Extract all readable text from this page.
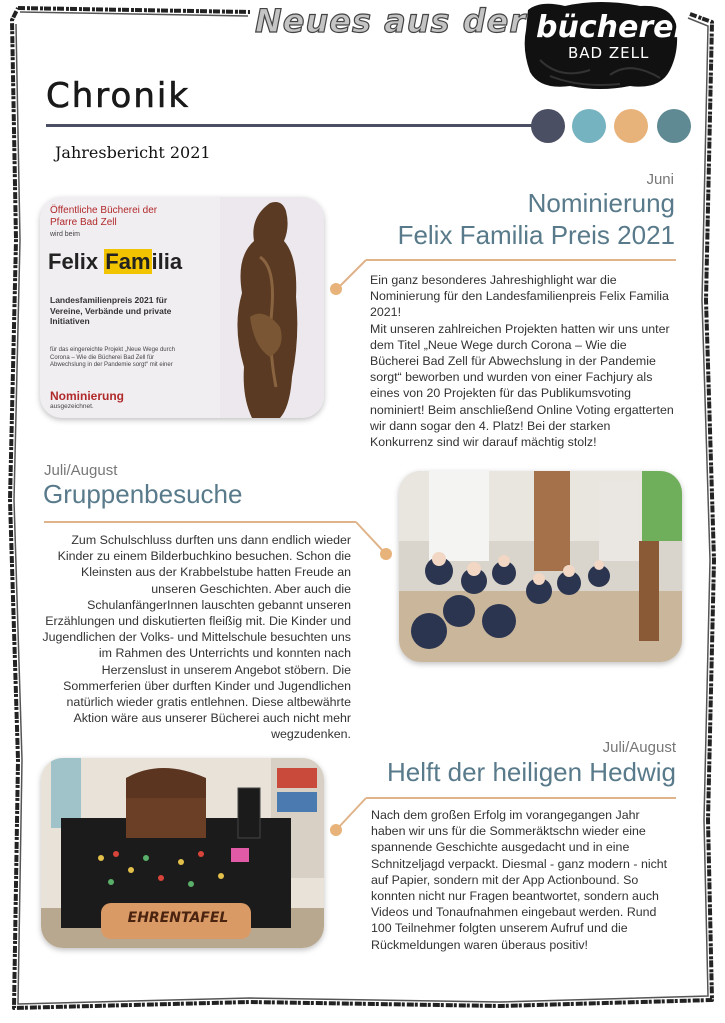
Neues aus der bücherei
BAD ZELL
Chronik
Jahresbericht 2021
Öffentliche Bücherei der Pfarre Bad Zell
wird beim
Felix Familia
Landesfamilienpreis 2021 für Vereine, Verbände und private Initiativen
für das eingereichte Projekt „Neue Wege durch Corona – Wie die Bücherei Bad Zell für Abwechslung in der Pandemie sorgt“ mit einer
Nominierung
ausgezeichnet.
Juni
Nominierung
Felix Familia Preis 2021
Ein ganz besonderes Jahreshighlight war die Nominierung für den Landesfamilienpreis Felix Familia 2021!
Mit unseren zahlreichen Projekten hatten wir uns unter dem Titel „Neue Wege durch Corona – Wie die Bücherei Bad Zell für Abwechslung in der Pandemie sorgt“ beworben und wurden von einer Fachjury als eines von 20 Projekten für das Publikumsvoting nominiert! Beim anschließend Online Voting ergatterten wir dann sogar den 4. Platz! Bei der starken Konkurrenz sind wir darauf mächtig stolz!
Juli/August
Gruppenbesuche
Zum Schulschluss durften uns dann endlich wieder Kinder zu einem Bilderbuchkino besuchen. Schon die Kleinsten aus der Krabbelstube hatten Freude an unseren Geschichten. Aber auch die SchulanfängerInnen lauschten gebannt unseren Erzählungen und diskutierten fleißig mit. Die Kinder und Jugendlichen der Volks- und Mittelschule besuchten uns im Rahmen des Unterrichts und konnten nach Herzenslust in unserem Angebot stöbern. Die Sommerferien über durften Kinder und Jugendlichen natürlich wieder gratis entlehnen. Diese altbewährte Aktion wäre aus unserer Bücherei auch nicht mehr wegzudenken.
EHRENTAFEL
Juli/August
Helft der heiligen Hedwig
Nach dem großen Erfolg im vorangegangen Jahr haben wir uns für die Sommeräktschn wieder eine spannende Geschichte ausgedacht und in eine Schnitzeljagd verpackt. Diesmal - ganz modern - nicht auf Papier, sondern mit der App Actionbound. So konnten nicht nur Fragen beantwortet, sondern auch Videos und Tonaufnahmen eingebaut werden. Rund 100 Teilnehmer folgten unserem Aufruf und die Rückmeldungen waren überaus positiv!
